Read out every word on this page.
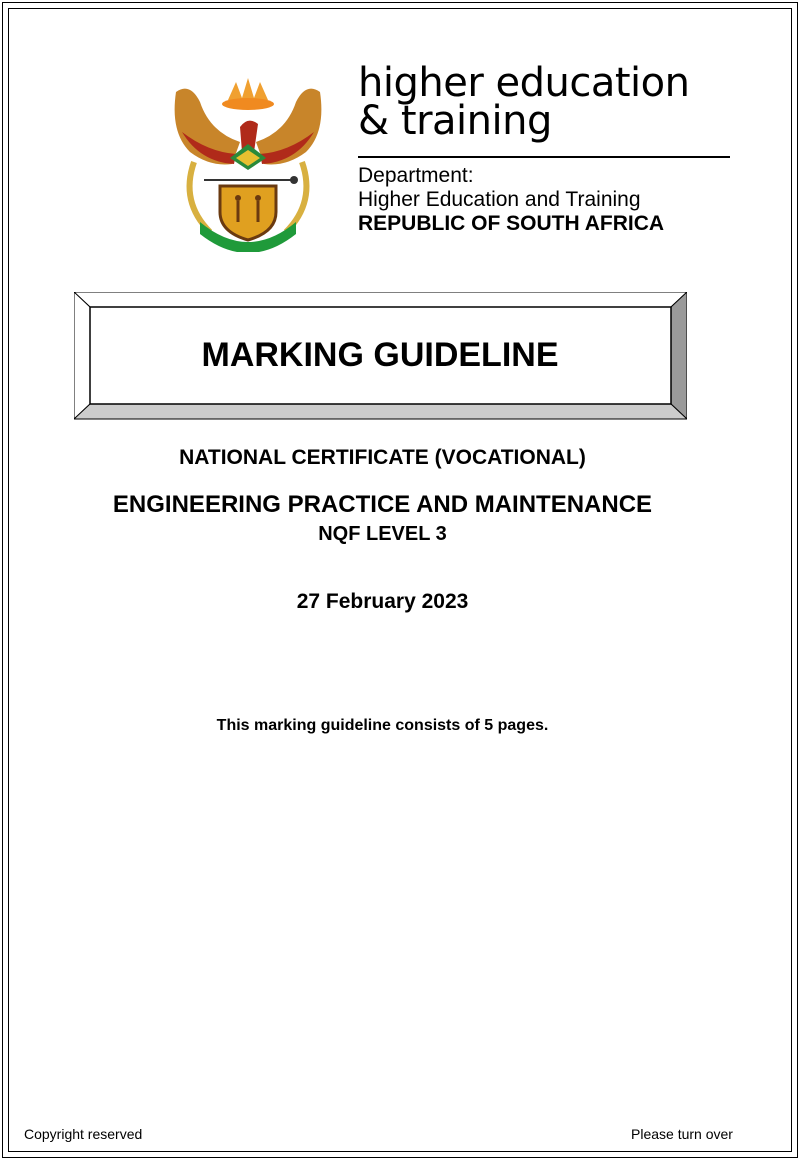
higher education
& training
Department:
Higher Education and Training
REPUBLIC OF SOUTH AFRICA
MARKING GUIDELINE
NATIONAL CERTIFICATE (VOCATIONAL)
ENGINEERING PRACTICE AND MAINTENANCE
NQF LEVEL 3
27 February 2023
This marking guideline consists of 5 pages.
Copyright reserved	Please turn over
